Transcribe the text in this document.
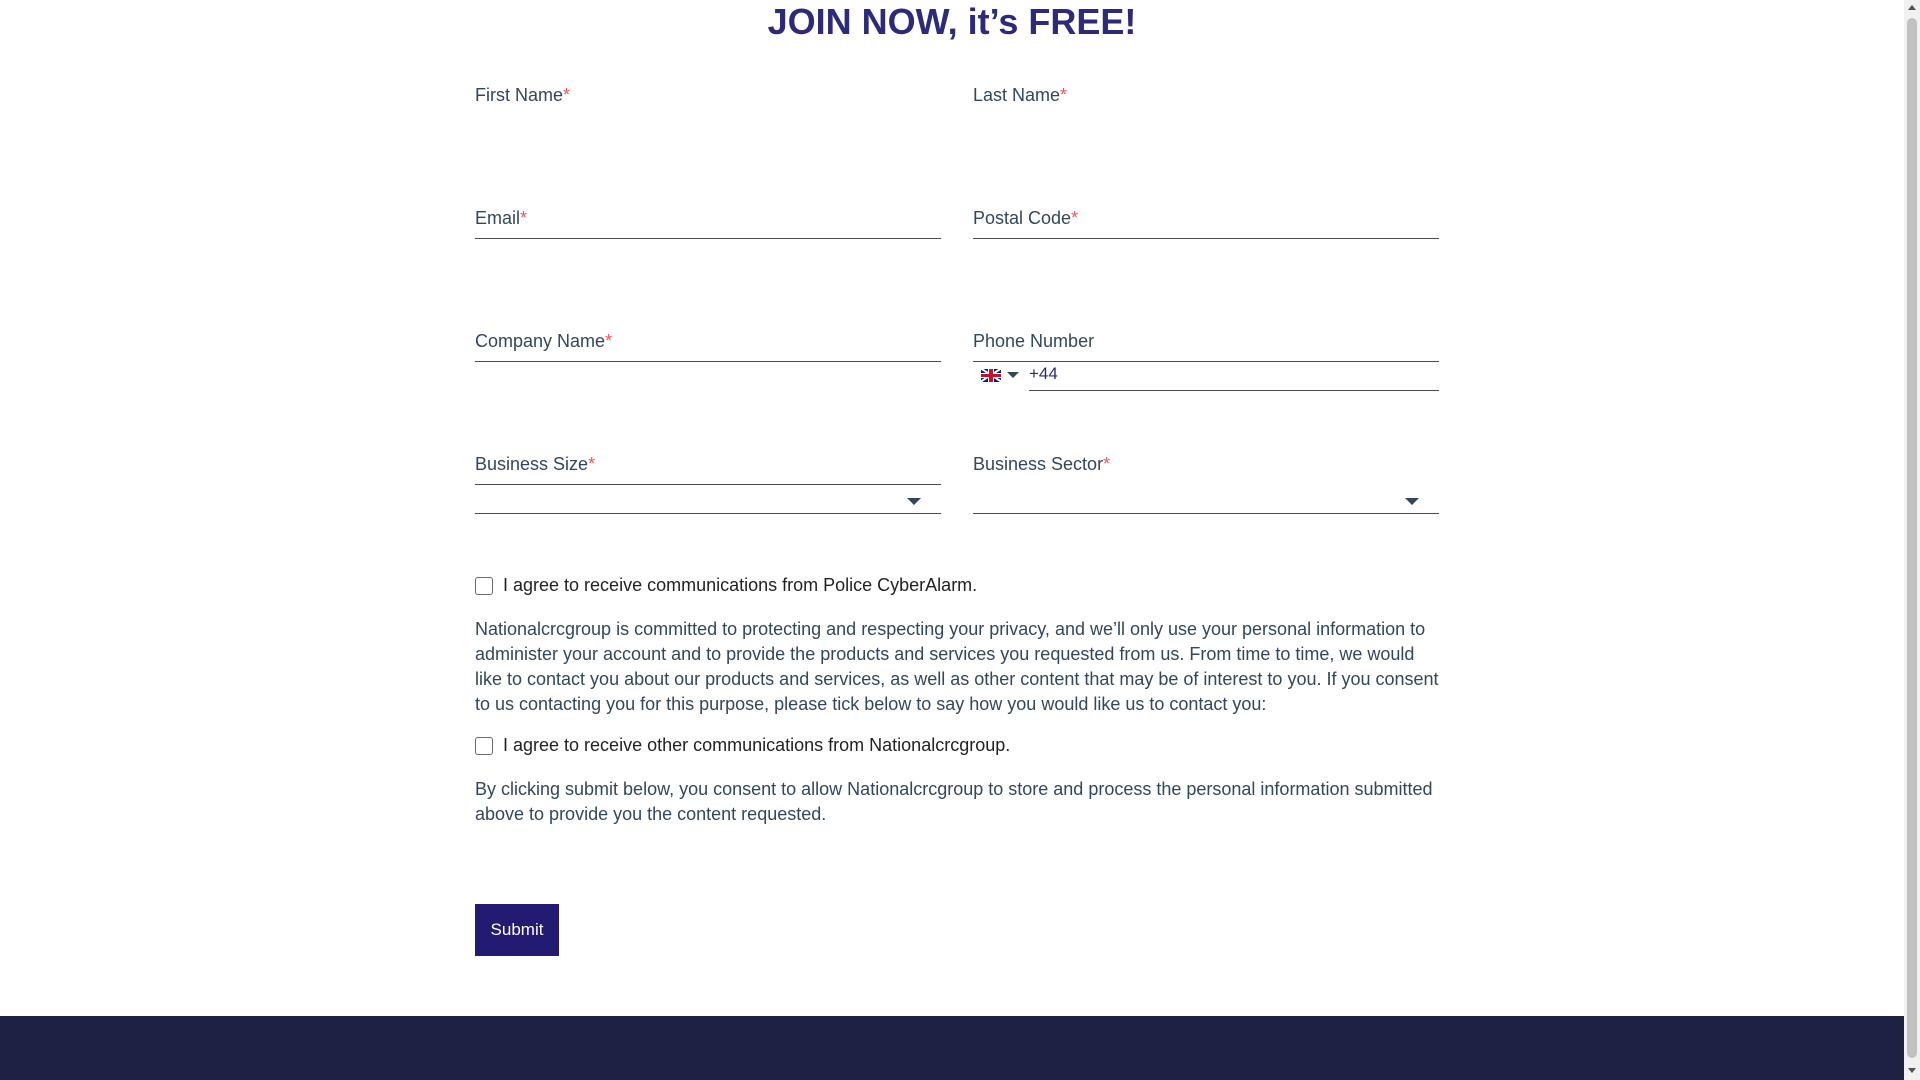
JOIN NOW, it’s FREE!
First Name*	Last Name*
Email*	Postal Code*
Company Name*	Phone Number
+44
Business Size*	Business Sector*
I agree to receive communications from Police CyberAlarm.

Nationalcrcgroup is committed to protecting and respecting your privacy, and we’ll only use your personal information to administer your account and to provide the products and services you requested from us. From time to time, we would like to contact you about our products and services, as well as other content that may be of interest to you. If you consent to us contacting you for this purpose, please tick below to say how you would like us to contact you:

I agree to receive other communications from Nationalcrcgroup.

By clicking submit below, you consent to allow Nationalcrcgroup to store and process the personal information submitted above to provide you the content requested.

Submit
